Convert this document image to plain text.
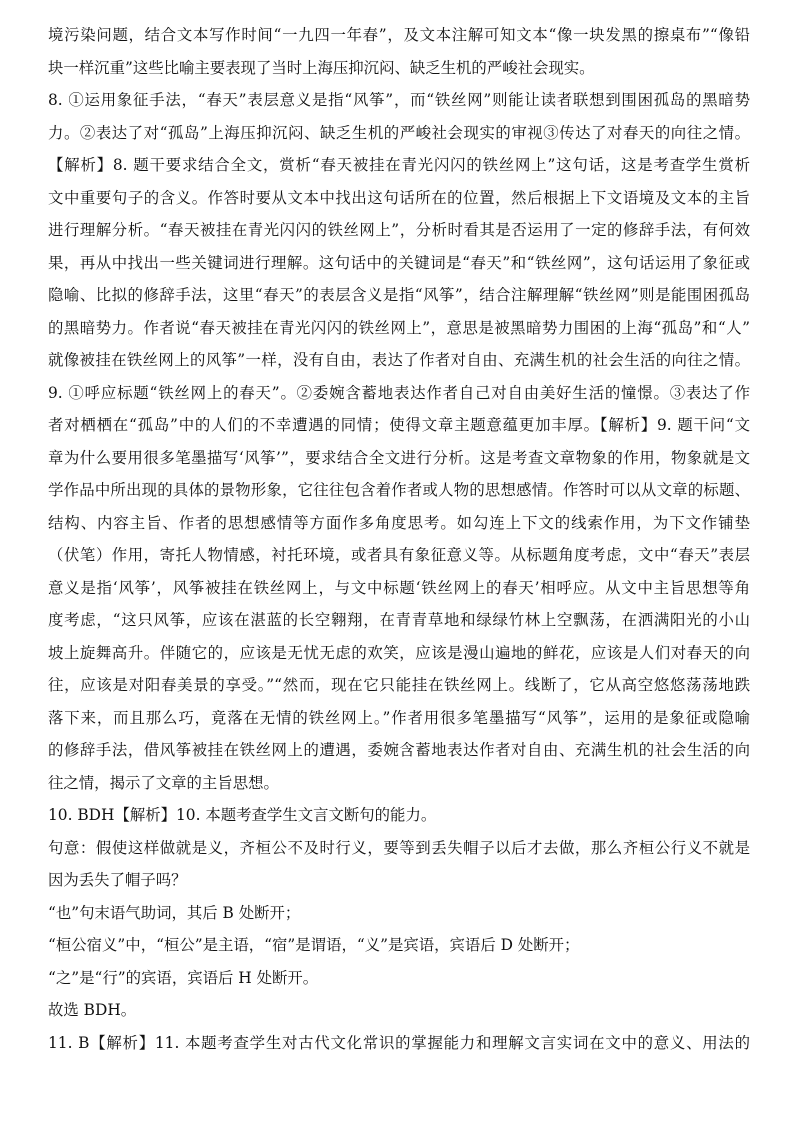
境污染问题，结合文本写作时间“一九四一年春”，及文本注解可知文本“像一块发黑的擦桌布”“像铅
块一样沉重”这些比喻主要表现了当时上海压抑沉闷、缺乏生机的严峻社会现实。
8. ①运用象征手法，“春天”表层意义是指“风筝”，而“铁丝网”则能让读者联想到围困孤岛的黑暗势
力。②表达了对“孤岛”上海压抑沉闷、缺乏生机的严峻社会现实的审视③传达了对春天的向往之情。
【解析】8. 题干要求结合全文，赏析“春天被挂在青光闪闪的铁丝网上”这句话，这是考查学生赏析
文中重要句子的含义。作答时要从文本中找出这句话所在的位置，然后根据上下文语境及文本的主旨
进行理解分析。“春天被挂在青光闪闪的铁丝网上”，分析时看其是否运用了一定的修辞手法，有何效
果，再从中找出一些关键词进行理解。这句话中的关键词是“春天”和“铁丝网”，这句话运用了象征或
隐喻、比拟的修辞手法，这里“春天”的表层含义是指“风筝”，结合注解理解“铁丝网”则是能围困孤岛
的黑暗势力。作者说“春天被挂在青光闪闪的铁丝网上”，意思是被黑暗势力围困的上海“孤岛”和“人”
就像被挂在铁丝网上的风筝”一样，没有自由，表达了作者对自由、充满生机的社会生活的向往之情。
9. ①呼应标题“铁丝网上的春天”。②委婉含蓄地表达作者自己对自由美好生活的憧憬。③表达了作
者对栖栖在“孤岛”中的人们的不幸遭遇的同情；使得文章主题意蕴更加丰厚。【解析】9. 题干问“文
章为什么要用很多笔墨描写‘风筝’”，要求结合全文进行分析。这是考查文章物象的作用，物象就是文
学作品中所出现的具体的景物形象，它往往包含着作者或人物的思想感情。作答时可以从文章的标题、
结构、内容主旨、作者的思想感情等方面作多角度思考。如勾连上下文的线索作用，为下文作铺垫
（伏笔）作用，寄托人物情感，衬托环境，或者具有象征意义等。从标题角度考虑，文中“春天”表层
意义是指‘风筝’，风筝被挂在铁丝网上，与文中标题‘铁丝网上的春天’相呼应。从文中主旨思想等角
度考虑，“这只风筝，应该在湛蓝的长空翱翔，在青青草地和绿绿竹林上空飘荡，在洒满阳光的小山
坡上旋舞高升。伴随它的，应该是无忧无虑的欢笑，应该是漫山遍地的鲜花，应该是人们对春天的向
往，应该是对阳春美景的享受。”“然而，现在它只能挂在铁丝网上。线断了，它从高空悠悠荡荡地跌
落下来，而且那么巧，竟落在无情的铁丝网上。”作者用很多笔墨描写“风筝”，运用的是象征或隐喻
的修辞手法，借风筝被挂在铁丝网上的遭遇，委婉含蓄地表达作者对自由、充满生机的社会生活的向
往之情，揭示了文章的主旨思想。
10. BDH【解析】10. 本题考查学生文言文断句的能力。
句意：假使这样做就是义，齐桓公不及时行义，要等到丢失帽子以后才去做，那么齐桓公行义不就是
因为丢失了帽子吗？
“也”句末语气助词，其后 B 处断开；
“桓公宿义”中，“桓公”是主语，“宿”是谓语，“义”是宾语，宾语后 D 处断开；
“之”是“行”的宾语，宾语后 H 处断开。
故选 BDH。
11. B【解析】11. 本题考查学生对古代文化常识的掌握能力和理解文言实词在文中的意义、用法的
